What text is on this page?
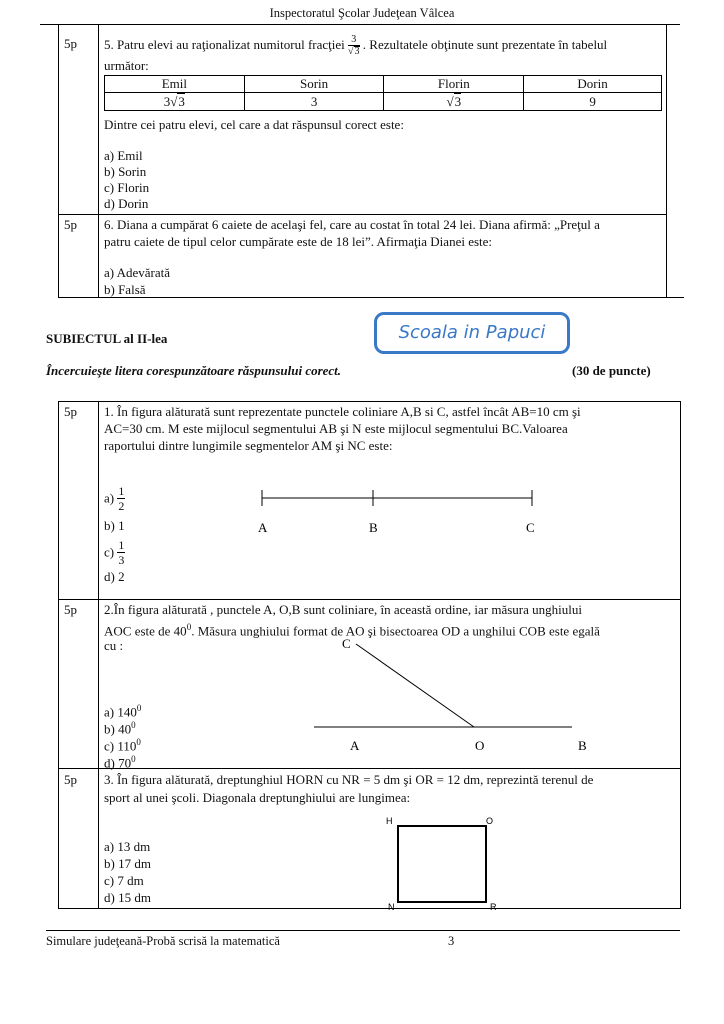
Inspectoratul Şcolar Judeţean Vâlcea
5p 5. Patru elevi au raţionalizat numitorul fracţiei $\frac{3}{√3}$ . Rezultatele obţinute sunt prezentate în tabelul
următor:
Emil	Sorin	Florin	Dorin
3√3	3	√3	9
Dintre cei patru elevi, cel care a dat răspunsul corect este:
a) Emil
b) Sorin
c) Florin
d) Dorin
5p 6. Diana a cumpărat 6 caiete de acelaşi fel, care au costat în total 24 lei. Diana afirmă: „Preţul a
patru caiete de tipul celor cumpărate este de 18 lei”. Afirmaţia Dianei este:
a) Adevărată
b) Falsă
SUBIECTUL al II-lea	Scoala in Papuci
Încercuieşte litera corespunzătoare răspunsului corect.	(30 de puncte)
5p 1. În figura alăturată sunt reprezentate punctele coliniare A,B si C, astfel încât AB=10 cm şi
AC=30 cm. M este mijlocul segmentului AB şi N este mijlocul segmentului BC.Valoarea
raportului dintre lungimile segmentelor AM şi NC este:
$a) \frac{1}{2}$
b) 1
$c) \frac{1}{3}$
d) 2
A	B	C
5p 2.În figura alăturată , punctele A, O,B sunt coliniare, în această ordine, iar măsura unghiului
AOC este de $40^0$. Măsura unghiului format de AO şi bisectoarea OD a unghilui COB este egală
cu :
a) $140^0$
b) $40^0$
c) $110^0$
d) $70^0$
C
A	O	B
5p 3. În figura alăturată, dreptunghiul HORN cu NR = 5 dm şi OR = 12 dm, reprezintă terenul de
sport al unei şcoli. Diagonala dreptunghiului are lungimea:
a) 13 dm
b) 17 dm
c) 7 dm
d) 15 dm
H	O
N	R
Simulare judeţeană-Probă scrisă la matematică	3
